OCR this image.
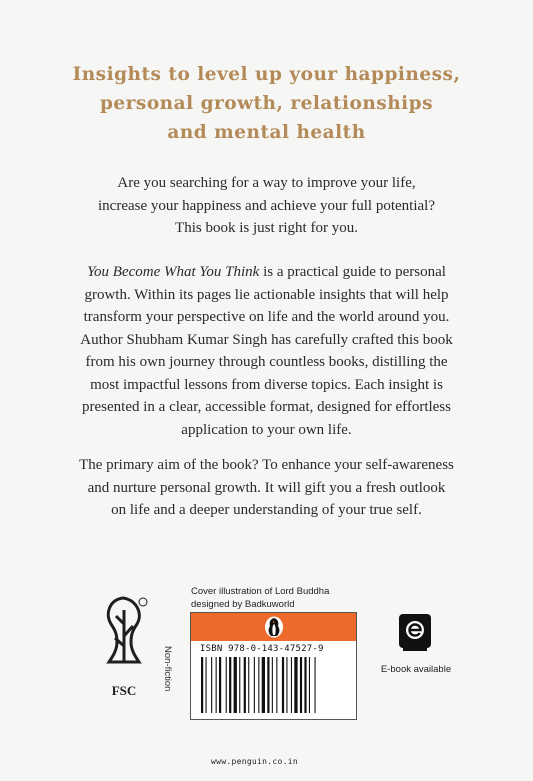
Insights to level up your happiness,
personal growth, relationships
and mental health
Are you searching for a way to improve your life,
increase your happiness and achieve your full potential?
This book is just right for you.
You Become What You Think is a practical guide to personal
growth. Within its pages lie actionable insights that will help
transform your perspective on life and the world around you.
Author Shubham Kumar Singh has carefully crafted this book
from his own journey through countless books, distilling the
most impactful lessons from diverse topics. Each insight is
presented in a clear, accessible format, designed for effortless
application to your own life.
The primary aim of the book? To enhance your self-awareness
and nurture personal growth. It will gift you a fresh outlook
on life and a deeper understanding of your true self.
FSC
Cover illustration of Lord Buddha
designed by Badkuworld
Non-fiction	ISBN 978-0-143-47527-9
www.penguin.co.in
E-book available
